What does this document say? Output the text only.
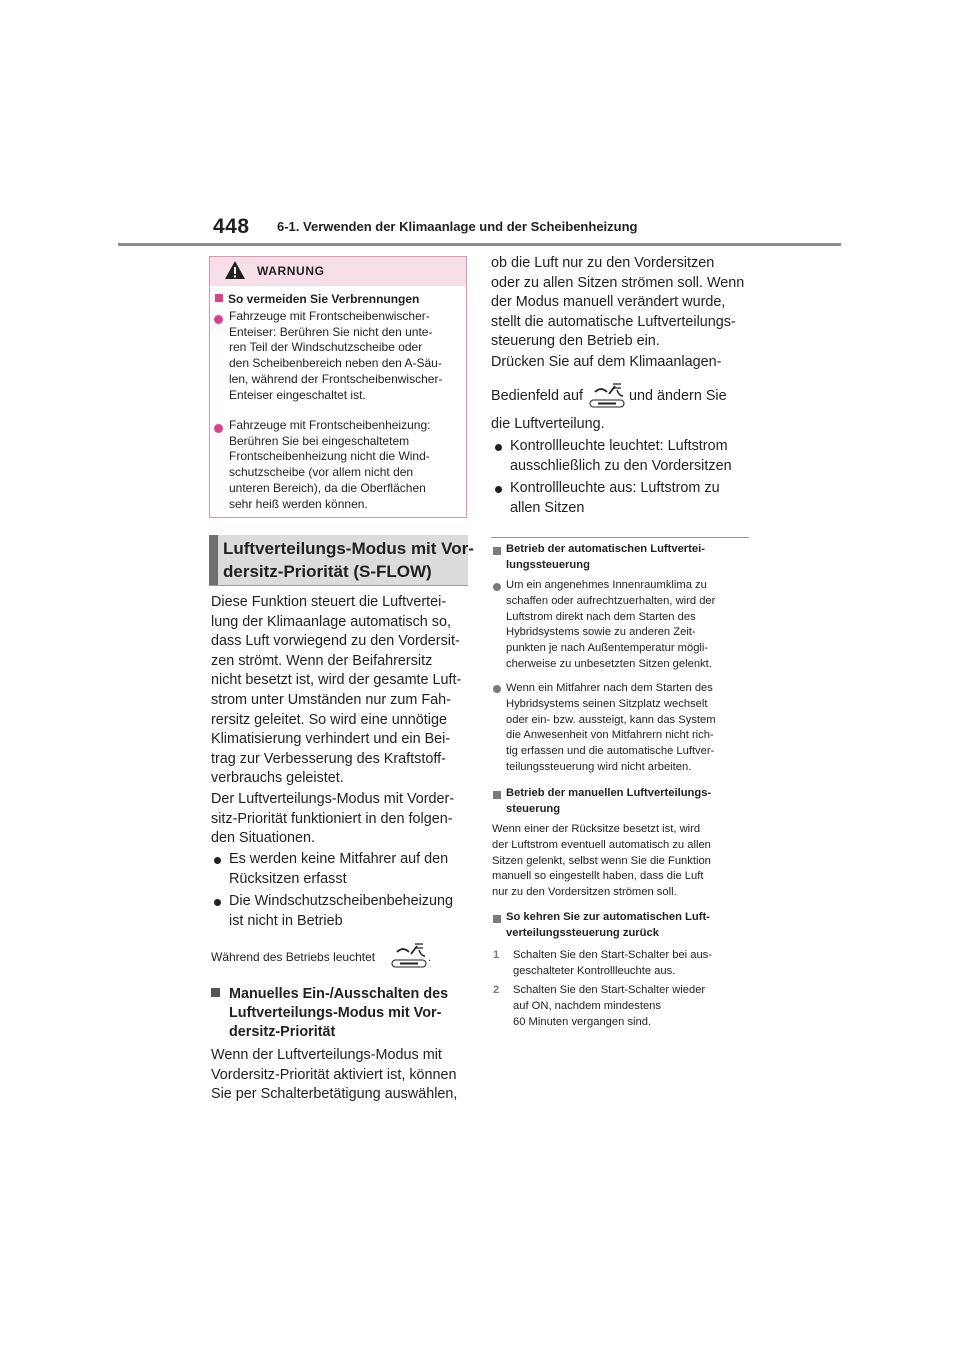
448 6-1. Verwenden der Klimaanlage und der Scheibenheizung
WARNUNG
So vermeiden Sie Verbrennungen
Fahrzeuge mit Frontscheibenwischer-
Enteiser: Berühren Sie nicht den unte-
ren Teil der Windschutzscheibe oder
den Scheibenbereich neben den A-Säu-
len, während der Frontscheibenwischer-
Enteiser eingeschaltet ist.
Fahrzeuge mit Frontscheibenheizung:
Berühren Sie bei eingeschaltetem
Frontscheibenheizung nicht die Wind-
schutzscheibe (vor allem nicht den
unteren Bereich), da die Oberflächen
sehr heiß werden können.
Luftverteilungs-Modus mit Vor-
dersitz-Priorität (S-FLOW)
Diese Funktion steuert die Luftvertei-
lung der Klimaanlage automatisch so,
dass Luft vorwiegend zu den Vordersit-
zen strömt. Wenn der Beifahrersitz
nicht besetzt ist, wird der gesamte Luft-
strom unter Umständen nur zum Fah-
rersitz geleitet. So wird eine unnötige
Klimatisierung verhindert und ein Bei-
trag zur Verbesserung des Kraftstoff-
verbrauchs geleistet.
Der Luftverteilungs-Modus mit Vorder-
sitz-Priorität funktioniert in den folgen-
den Situationen.
Es werden keine Mitfahrer auf den
Rücksitzen erfasst
Die Windschutzscheibenbeheizung
ist nicht in Betrieb
Während des Betriebs leuchtet	.
Manuelles Ein-/Ausschalten des
Luftverteilungs-Modus mit Vor-
dersitz-Priorität
Wenn der Luftverteilungs-Modus mit
Vordersitz-Priorität aktiviert ist, können
Sie per Schalterbetätigung auswählen,
ob die Luft nur zu den Vordersitzen
oder zu allen Sitzen strömen soll. Wenn
der Modus manuell verändert wurde,
stellt die automatische Luftverteilungs-
steuerung den Betrieb ein.
Drücken Sie auf dem Klimaanlagen-
Bedienfeld auf	und ändern Sie
die Luftverteilung.
Kontrollleuchte leuchtet: Luftstrom
ausschließlich zu den Vordersitzen
Kontrollleuchte aus: Luftstrom zu
allen Sitzen
Betrieb der automatischen Luftvertei-
lungssteuerung
Um ein angenehmes Innenraumklima zu
schaffen oder aufrechtzuerhalten, wird der
Luftstrom direkt nach dem Starten des
Hybridsystems sowie zu anderen Zeit-
punkten je nach Außentemperatur mögli-
cherweise zu unbesetzten Sitzen gelenkt.
Wenn ein Mitfahrer nach dem Starten des
Hybridsystems seinen Sitzplatz wechselt
oder ein- bzw. aussteigt, kann das System
die Anwesenheit von Mitfahrern nicht rich-
tig erfassen und die automatische Luftver-
teilungssteuerung wird nicht arbeiten.
Betrieb der manuellen Luftverteilungs-
steuerung
Wenn einer der Rücksitze besetzt ist, wird
der Luftstrom eventuell automatisch zu allen
Sitzen gelenkt, selbst wenn Sie die Funktion
manuell so eingestellt haben, dass die Luft
nur zu den Vordersitzen strömen soll.
So kehren Sie zur automatischen Luft-
verteilungssteuerung zurück
1 Schalten Sie den Start-Schalter bei aus-
geschalteter Kontrollleuchte aus.
2 Schalten Sie den Start-Schalter wieder
auf ON, nachdem mindestens
60 Minuten vergangen sind.
